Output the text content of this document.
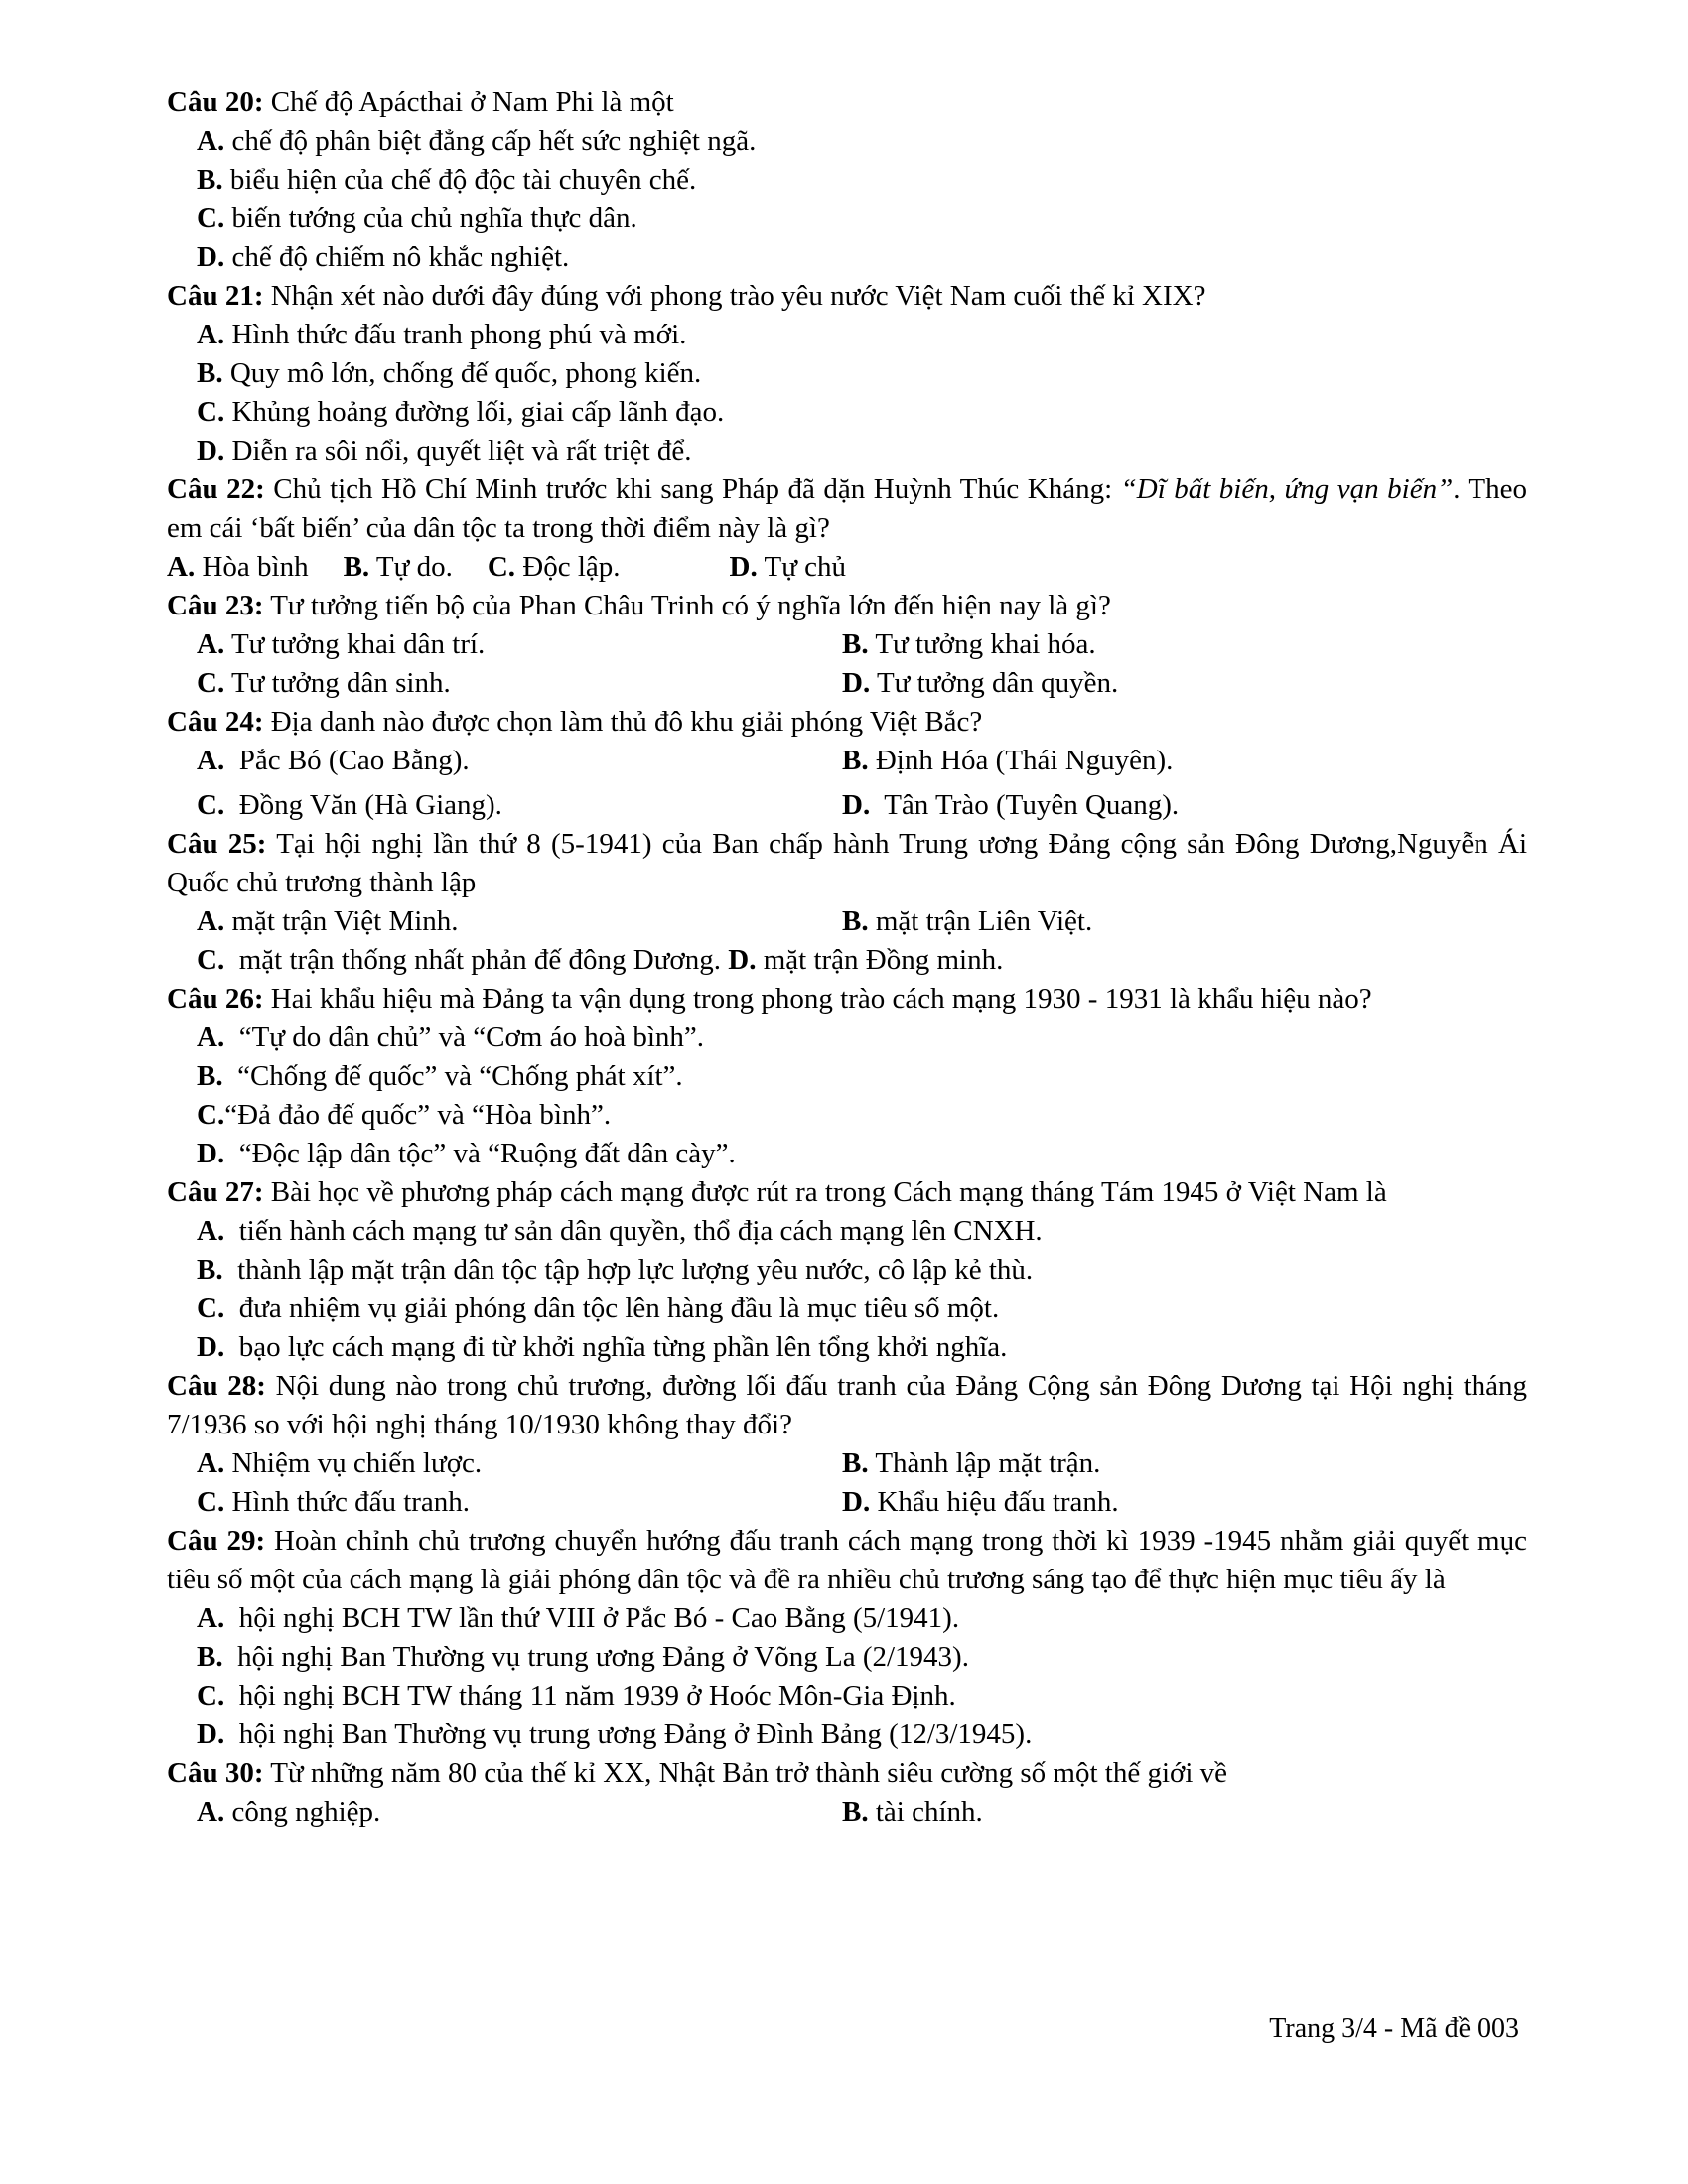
Câu 20: Chế độ Apácthai ở Nam Phi là một
A. chế độ phân biệt đẳng cấp hết sức nghiệt ngã.
B. biểu hiện của chế độ độc tài chuyên chế.
C. biến tướng của chủ nghĩa thực dân.
D. chế độ chiếm nô khắc nghiệt.
Câu 21: Nhận xét nào dưới đây đúng với phong trào yêu nước Việt Nam cuối thế kỉ XIX?
A. Hình thức đấu tranh phong phú và mới.
B. Quy mô lớn, chống đế quốc, phong kiến.
C. Khủng hoảng đường lối, giai cấp lãnh đạo.
D. Diễn ra sôi nổi, quyết liệt và rất triệt để.
Câu 22: Chủ tịch Hồ Chí Minh trước khi sang Pháp đã dặn Huỳnh Thúc Kháng: “Dĩ bất biến, ứng vạn biến”. Theo em cái ‘bất biến’ của dân tộc ta trong thời điểm này là gì?
A. Hòa bình B. Tự do. C. Độc lập.	D. Tự chủ
Câu 23: Tư tưởng tiến bộ của Phan Châu Trinh có ý nghĩa lớn đến hiện nay là gì?
A. Tư tưởng khai dân trí.	B. Tư tưởng khai hóa.
C. Tư tưởng dân sinh.	D. Tư tưởng dân quyền.
Câu 24: Địa danh nào được chọn làm thủ đô khu giải phóng Việt Bắc?
A. Pắc Bó (Cao Bằng).	B. Định Hóa (Thái Nguyên).
C. Đồng Văn (Hà Giang).	D. Tân Trào (Tuyên Quang).
Câu 25: Tại hội nghị lần thứ 8 (5-1941) của Ban chấp hành Trung ương Đảng cộng sản Đông Dương,Nguyễn Ái Quốc chủ trương thành lập
A. mặt trận Việt Minh.	B. mặt trận Liên Việt.
C. mặt trận thống nhất phản đế đông Dương. D. mặt trận Đồng minh.
Câu 26: Hai khẩu hiệu mà Đảng ta vận dụng trong phong trào cách mạng 1930 - 1931 là khẩu hiệu nào?
A. “Tự do dân chủ” và “Cơm áo hoà bình”.
B. “Chống đế quốc” và “Chống phát xít”.
C.“Đả đảo đế quốc” và “Hòa bình”.
D. “Độc lập dân tộc” và “Ruộng đất dân cày”.
Câu 27: Bài học về phương pháp cách mạng được rút ra trong Cách mạng tháng Tám 1945 ở Việt Nam là
A. tiến hành cách mạng tư sản dân quyền, thổ địa cách mạng lên CNXH.
B. thành lập mặt trận dân tộc tập hợp lực lượng yêu nước, cô lập kẻ thù.
C. đưa nhiệm vụ giải phóng dân tộc lên hàng đầu là mục tiêu số một.
D. bạo lực cách mạng đi từ khởi nghĩa từng phần lên tổng khởi nghĩa.
Câu 28: Nội dung nào trong chủ trương, đường lối đấu tranh của Đảng Cộng sản Đông Dương tại Hội nghị tháng 7/1936 so với hội nghị tháng 10/1930 không thay đổi?
A. Nhiệm vụ chiến lược.	B. Thành lập mặt trận.
C. Hình thức đấu tranh.	D. Khẩu hiệu đấu tranh.
Câu 29: Hoàn chỉnh chủ trương chuyển hướng đấu tranh cách mạng trong thời kì 1939 -1945 nhằm giải quyết mục tiêu số một của cách mạng là giải phóng dân tộc và đề ra nhiều chủ trương sáng tạo để thực hiện mục tiêu ấy là
A. hội nghị BCH TW lần thứ VIII ở Pắc Bó - Cao Bằng (5/1941).
B. hội nghị Ban Thường vụ trung ương Đảng ở Võng La (2/1943).
C. hội nghị BCH TW tháng 11 năm 1939 ở Hoóc Môn-Gia Định.
D. hội nghị Ban Thường vụ trung ương Đảng ở Đình Bảng (12/3/1945).
Câu 30: Từ những năm 80 của thế kỉ XX, Nhật Bản trở thành siêu cường số một thế giới về
A. công nghiệp.	B. tài chính.
Trang 3/4 - Mã đề 003
